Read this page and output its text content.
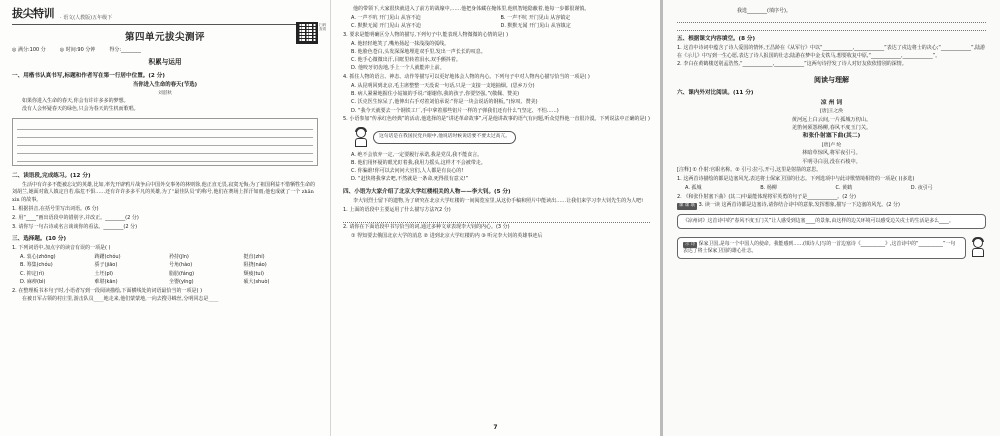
拔尖特训 · 语文(人教版)五年级下
扫码查看
第四单元拔尖测评
◎ 满分:100 分	◎ 时间:90 分钟	得分:________
积累与运用
一、用楷书认真书写,标题和作者写在第一行居中位置。(2 分)
当你进入生命的春天(节选)
刘湛秋
如果你进入生命的春天,你会有许许多多的梦想。
没有人会怀疑春天的绿色,只会为春天的生机而歌唱。
二、读语段,完成练习。(12 分)
生活中有许多不能被忘记的英雄,比如,率先开辟鸦片战争后中国外交事务的林则徐,他正直无畏,寂寞无悔;为了祖国利益不惜牺牲生命的刘胡兰,她面对敌人镇定自若,临危不惧……还有许许多多平凡的英雄,为了“最佳队员”的称号,他们在赛场上挥汗如雨;他也成就了一个 zhān xìn 的故事。
1. 根据拼音,在括号里写出词语。(6 分)
2. 用“____”画出语段中的错别字,并改正。________(2 分)
3. 请你写一句古诗或名言谈谈你的看法。________(2 分)
三、选择题。(10 分)
1. 下列词语中,加点字的读音有误的一项是( )
A. 衷心(zhōng)	踌躇(chóu)	矜持(jīn)	挺直(zhí)
B. 筹集(chóu)	骄子(jiāo)	号角(hào)	阻挠(náo)
C. 抑定(rì)	土坯(pī)	脂肪(fáng)	颓疲(tuí)
D. 麻痹(bì)	难堪(kān)	全婴(yīng)	硕大(shuò)
2. 在整理板书本句子时,小语者写到一段阅读描绘,下面横线处的词语最恰当的一项是( )
在被日军占领的村庄里,游击队员____地走来,他们蒙蒙地,一向去搜寻蛛丝,分明同志是____
他的带领下,大家很快就进入了前方的战壕中,……他把身体藏在掩体里,他机智地隐蔽着,他每一步都很谨慎。
A. 一声不吭 开门见山 从容不迫	B. 一声不吭 开门见山 从容镇定
C. 默默无闻 开门见山 从容不迫	D. 默默无闻 开门见山 从容镇定
3. 要求是能明确区分人物的描写,下列句子中,能表现人物微微的心情的是( )
A. 他轻轻地笑了,嘴角扬起一抹浅浅的弧线。
B. 他脸色苍白,头发深深地埋进双手里,发出一声长长的叹息。
C. 他手心微微出汗,目眶里转着泪水,双手颤抖着。
D. 他咬牙切齿地,手上一个人就能冲上前。
4. 抓住人物的语言、神态、动作等描写可以更好地体会人物的内心。下列句子中对人物内心描写恰当的一项是( )
A. 从昆明回到北京,毛主席整整一天没说一句话,只是一支接一支地抽烟。(思乡万分)
B. 病人紧紧地握住小姑娘的手说:“谢谢你,我的孩子,你要坚强。”(敬佩、赞美)
C. 沃克医生惊呆了,他伸出右手对着刘伯承说:“你是一块会说话的钢板。”(惊叹、赞美)
D. “我今天就要去一个钢铁工厂,手中拿着那些铝片一样的子弹我们还有什么”(坚定、不怕……)
5. 小语参加“传承红色经典”的活动,他选择的是“讲述革命故事”,可是他讲故事的语气有问题,听众觉得他一直很冷漠。下列说法中正确的是( )
这句话是在我国民党兵眼中,他说话时候说话要不要太过高亢。
A. 绝不会放弃一定,一定要履行承诺,我是党员,我不能食言。
B. 他们用怀疑的眼光盯着我,我用力摇头,这样才不会被带走。
C. 你骗谁!你可以去问问大官们,人人都是有良心的!
D. “赶快将我拿去吧,不然就是一条命,死得很有意义!”
四、小语为大家介绍了北京大学红楼相关的人物——李大钊。(5 分)
李大钊烈士留下的遗物,为了研究在北京大学红楼的一间阅览室里,从这份手稿和照片中能读出……让我们来学习李大钊先生的为人吧!
1. 上面的语段中主要运用了什么描写方法?(2 分)
2. 请你在下面语段中书写恰当的词,通过多种文章表现李大钊的内心。(3 分)
① 得知要去俄国北京大学的消息 ② 进到北京大学红楼的内 ③ 听完李大钊的英雄事迹后
7
我选________(填序号)。
五、根据课文内容填空。(8 分)
1. 这首中诗词中蕴含了诗人爱国的情怀,王昌龄在《从军行》中以“____________,____________”表达了戍边将士的决心;“____________”,陆游在《示儿》中写到一生心愿,表达了诗人报国的壮志;陆游在梦中金戈铁马,想要收复中原,“____________,____________”。
2. 李白在黄鹤楼送别孟浩然,“____________,____________”这两句诗抒发了诗人对好友依依惜别的深情。
阅读与理解
六、课内外对比阅读。(11 分)
凉 州 词
[唐]王之涣
黄河远上白云间,一片孤城万仞山。
羌笛何须怨杨柳,春风不度玉门关。
和张仆射塞下曲(其二)
[唐]卢 纶
林暗草惊风,将军夜引弓。
平明寻白羽,没在石棱中。
[注释] ① 仆射:官职名称。② 引弓:拉弓,开弓,这里是射箭的意思。
1. 这两首诗描绘的都是边塞风光,表达将士保家卫国的壮志。下列选项中与此诗歌情境相符的一项是( )(多选)
A. 孤城	B. 杨柳	C. 黄鹤	D. 夜引弓
2. 《和张仆射塞下曲》(其二)中最能体现将军英勇的句子是____________。(2 分)
课 课 联 3. 读一读 这两首诗都是边塞诗,请你结合诗中的意象,发挥想象,描写一下边塞的风光。(2 分)
《凉州词》这首诗中的“春风不度玉门关”让人感受到边塞____的景象,由这样的边关环境可以感受边关戍士的生活是多么____。
示 诗 保家卫国,是每一个中国人的使命。我能感到……(填诗人)写的一首边塞诗《__________》,这首诗中的“__________”一句表达了将士保家卫国的雄心壮志。
